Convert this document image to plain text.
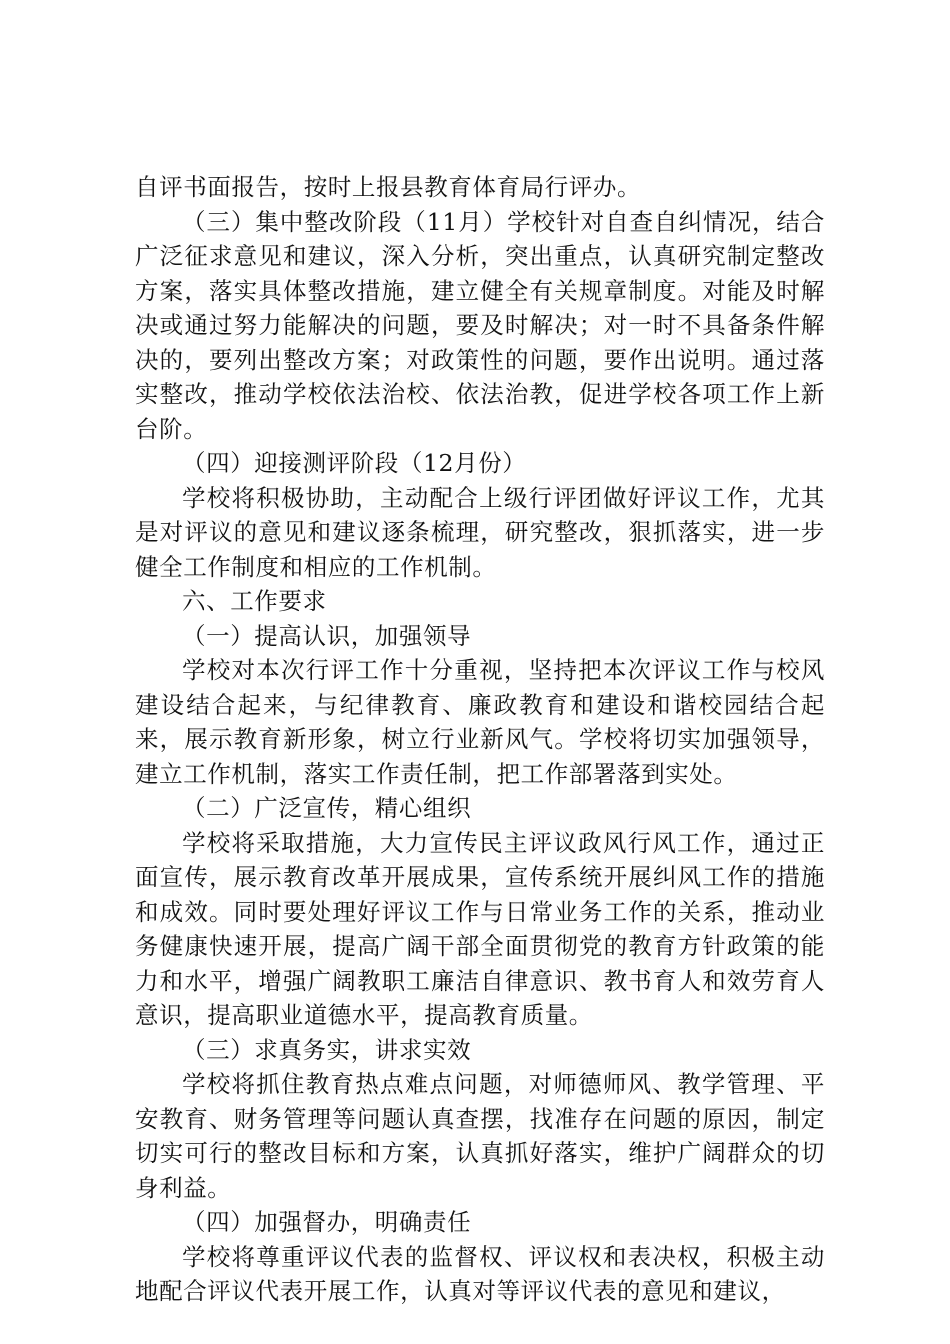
自评书面报告，按时上报县教育体育局行评办。

（三）集中整改阶段（11月）学校针对自查自纠情况，结合广泛征求意见和建议，深入分析，突出重点，认真研究制定整改方案，落实具体整改措施，建立健全有关规章制度。对能及时解决或通过努力能解决的问题，要及时解决；对一时不具备条件解决的，要列出整改方案；对政策性的问题，要作出说明。通过落实整改，推动学校依法治校、依法治教，促进学校各项工作上新台阶。

（四）迎接测评阶段（12月份）

学校将积极协助，主动配合上级行评团做好评议工作，尤其是对评议的意见和建议逐条梳理，研究整改，狠抓落实，进一步健全工作制度和相应的工作机制。

六、工作要求

（一）提高认识，加强领导

学校对本次行评工作十分重视，坚持把本次评议工作与校风建设结合起来，与纪律教育、廉政教育和建设和谐校园结合起来，展示教育新形象，树立行业新风气。学校将切实加强领导，建立工作机制，落实工作责任制，把工作部署落到实处。

（二）广泛宣传，精心组织

学校将采取措施，大力宣传民主评议政风行风工作，通过正面宣传，展示教育改革开展成果，宣传系统开展纠风工作的措施和成效。同时要处理好评议工作与日常业务工作的关系，推动业务健康快速开展，提高广阔干部全面贯彻党的教育方针政策的能力和水平，增强广阔教职工廉洁自律意识、教书育人和效劳育人意识，提高职业道德水平，提高教育质量。

（三）求真务实，讲求实效

学校将抓住教育热点难点问题，对师德师风、教学管理、平安教育、财务管理等问题认真查摆，找准存在问题的原因，制定切实可行的整改目标和方案，认真抓好落实，维护广阔群众的切身利益。

（四）加强督办，明确责任

学校将尊重评议代表的监督权、评议权和表决权，积极主动地配合评议代表开展工作，认真对等评议代表的意见和建议，
